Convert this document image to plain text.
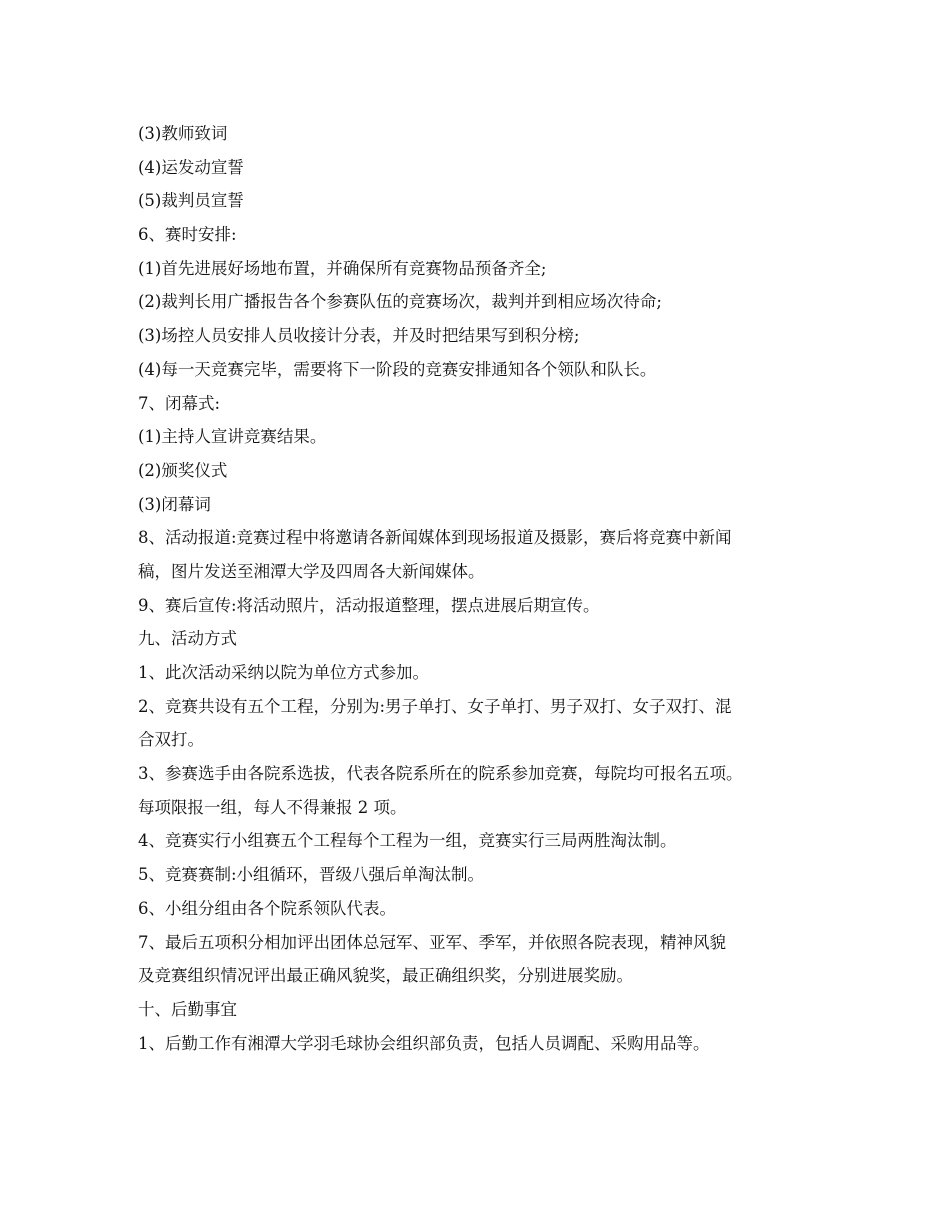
(3)教师致词
(4)运发动宣誓
(5)裁判员宣誓
6、赛时安排:
(1)首先进展好场地布置，并确保所有竞赛物品预备齐全;
(2)裁判长用广播报告各个参赛队伍的竞赛场次，裁判并到相应场次待命;
(3)场控人员安排人员收接计分表，并及时把结果写到积分榜;
(4)每一天竞赛完毕，需要将下一阶段的竞赛安排通知各个领队和队长。
7、闭幕式:
(1)主持人宣讲竞赛结果。
(2)颁奖仪式
(3)闭幕词
8、活动报道:竞赛过程中将邀请各新闻媒体到现场报道及摄影，赛后将竞赛中新闻
稿，图片发送至湘潭大学及四周各大新闻媒体。
9、赛后宣传:将活动照片，活动报道整理，摆点进展后期宣传。
九、活动方式
1、此次活动采纳以院为单位方式参加。
2、竞赛共设有五个工程，分别为:男子单打、女子单打、男子双打、女子双打、混
合双打。
3、参赛选手由各院系选拔，代表各院系所在的院系参加竞赛，每院均可报名五项。
每项限报一组，每人不得兼报 2 项。
4、竞赛实行小组赛五个工程每个工程为一组，竞赛实行三局两胜淘汰制。
5、竞赛赛制:小组循环，晋级八强后单淘汰制。
6、小组分组由各个院系领队代表。
7、最后五项积分相加评出团体总冠军、亚军、季军，并依照各院表现，精神风貌
及竞赛组织情况评出最正确风貌奖，最正确组织奖，分别进展奖励。
十、后勤事宜
1、后勤工作有湘潭大学羽毛球协会组织部负责，包括人员调配、采购用品等。
